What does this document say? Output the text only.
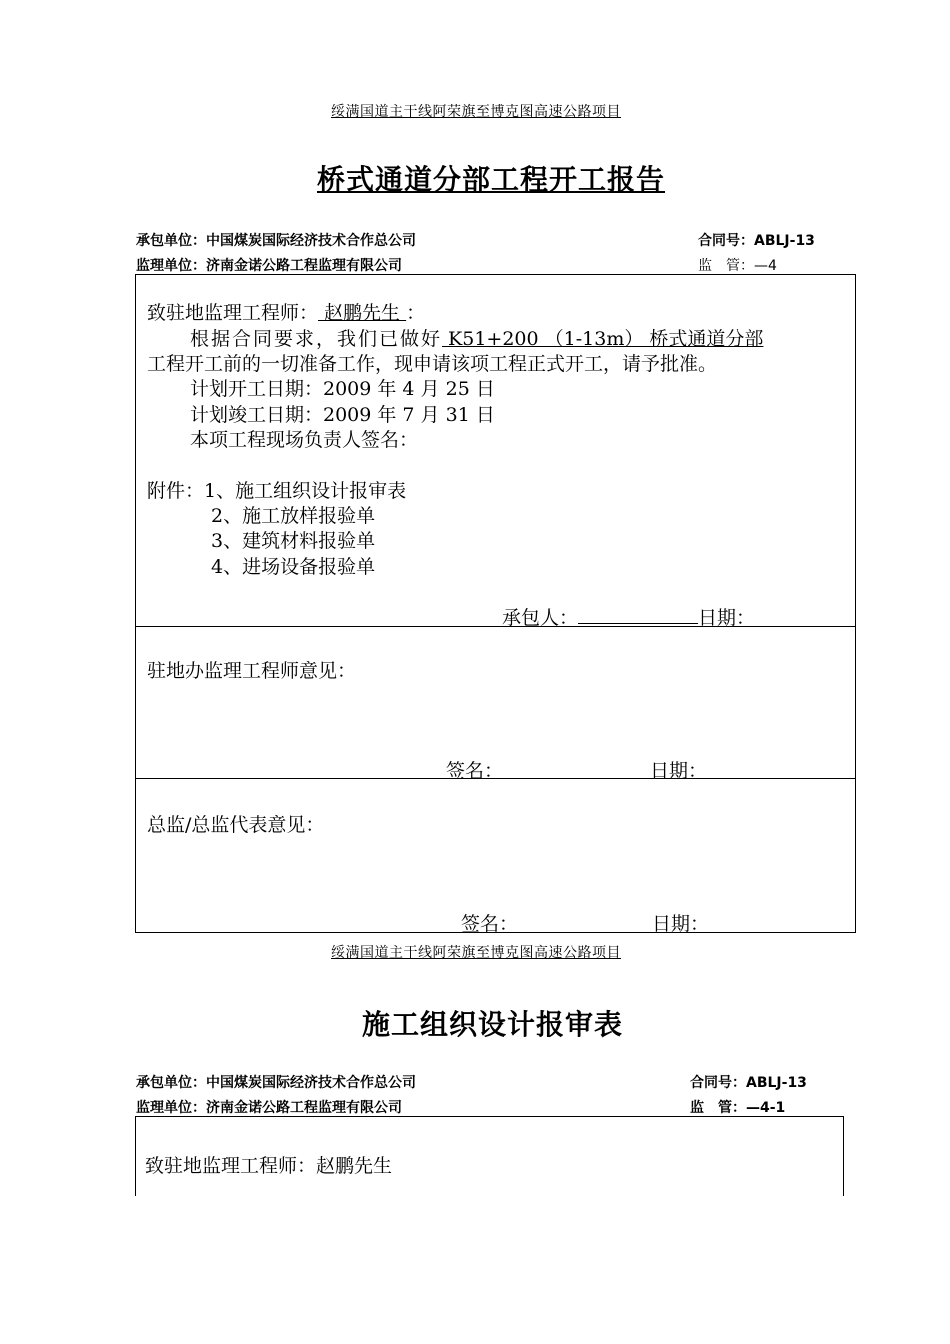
绥满国道主干线阿荣旗至博克图高速公路项目
桥式通道分部工程开工报告
承包单位：中国煤炭国际经济技术合作总公司	合同号：ABLJ-13
监理单位：济南金诺公路工程监理有限公司	监　管：—4
致驻地监理工程师： 赵鹏先生 ：
根据合同要求，我们已做好 K51+200 （1-13m） 桥式通道分部
工程开工前的一切准备工作，现申请该项工程正式开工，请予批准。
计划开工日期：2009 年 4 月 25 日
计划竣工日期：2009 年 7 月 31 日
本项工程现场负责人签名：
附件：1、施工组织设计报审表
2、施工放样报验单
3、建筑材料报验单
4、进场设备报验单
承包人：	日期：
驻地办监理工程师意见：
签名：	日期：
总监/总监代表意见：
签名：	日期：
绥满国道主干线阿荣旗至博克图高速公路项目
施工组织设计报审表
承包单位：中国煤炭国际经济技术合作总公司	合同号：ABLJ-13
监理单位：济南金诺公路工程监理有限公司	监　管：—4-1
致驻地监理工程师：赵鹏先生
